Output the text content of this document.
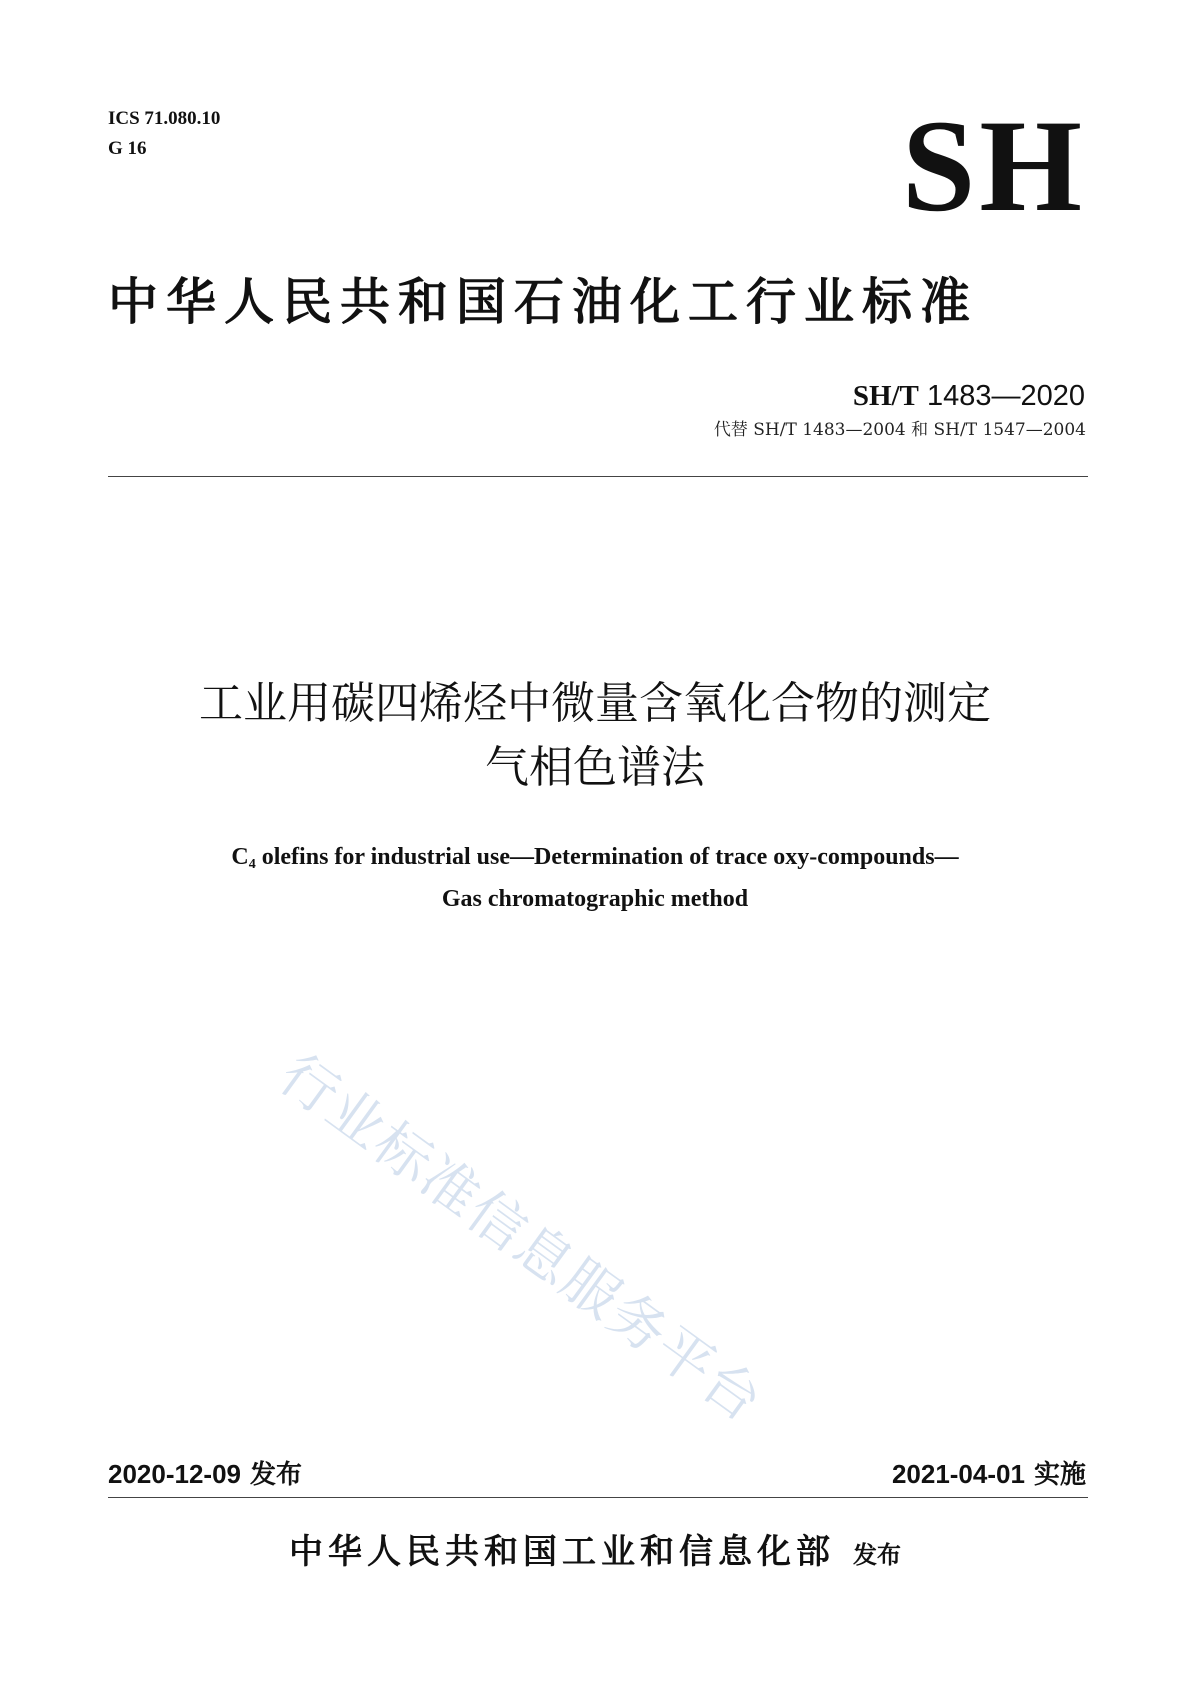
ICS 71.080.10
G 16	SH
中华人民共和国石油化工行业标准
SH/T 1483—2020
代替 SH/T 1483—2004 和 SH/T 1547—2004
工业用碳四烯烃中微量含氧化合物的测定
气相色谱法
$C_4$ olefins for industrial use—Determination of trace oxy-compounds—
Gas chromatographic method
行业标准信息服务平台
2020-12-09 发布	2021-04-01 实施
中华人民共和国工业和信息化部 发布
